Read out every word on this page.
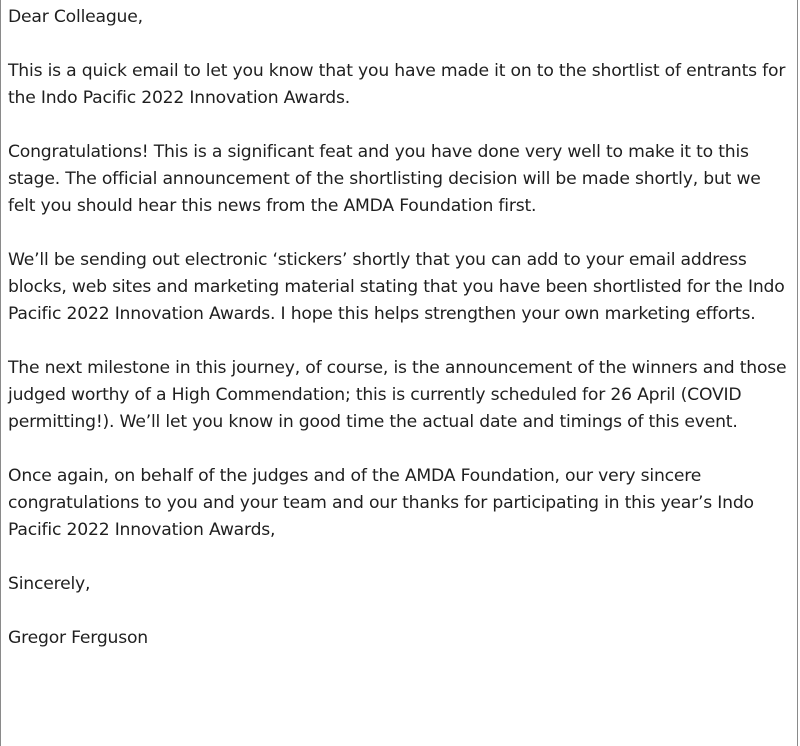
Dear Colleague,

This is a quick email to let you know that you have made it on to the shortlist of entrants for the Indo Pacific 2022 Innovation Awards.

Congratulations! This is a significant feat and you have done very well to make it to this stage. The official announcement of the shortlisting decision will be made shortly, but we felt you should hear this news from the AMDA Foundation first.

We’ll be sending out electronic ‘stickers’ shortly that you can add to your email address blocks, web sites and marketing material stating that you have been shortlisted for the Indo Pacific 2022 Innovation Awards. I hope this helps strengthen your own marketing efforts.

The next milestone in this journey, of course, is the announcement of the winners and those judged worthy of a High Commendation; this is currently scheduled for 26 April (COVID permitting!). We’ll let you know in good time the actual date and timings of this event.

Once again, on behalf of the judges and of the AMDA Foundation, our very sincere congratulations to you and your team and our thanks for participating in this year’s Indo Pacific 2022 Innovation Awards,

Sincerely,

Gregor Ferguson
